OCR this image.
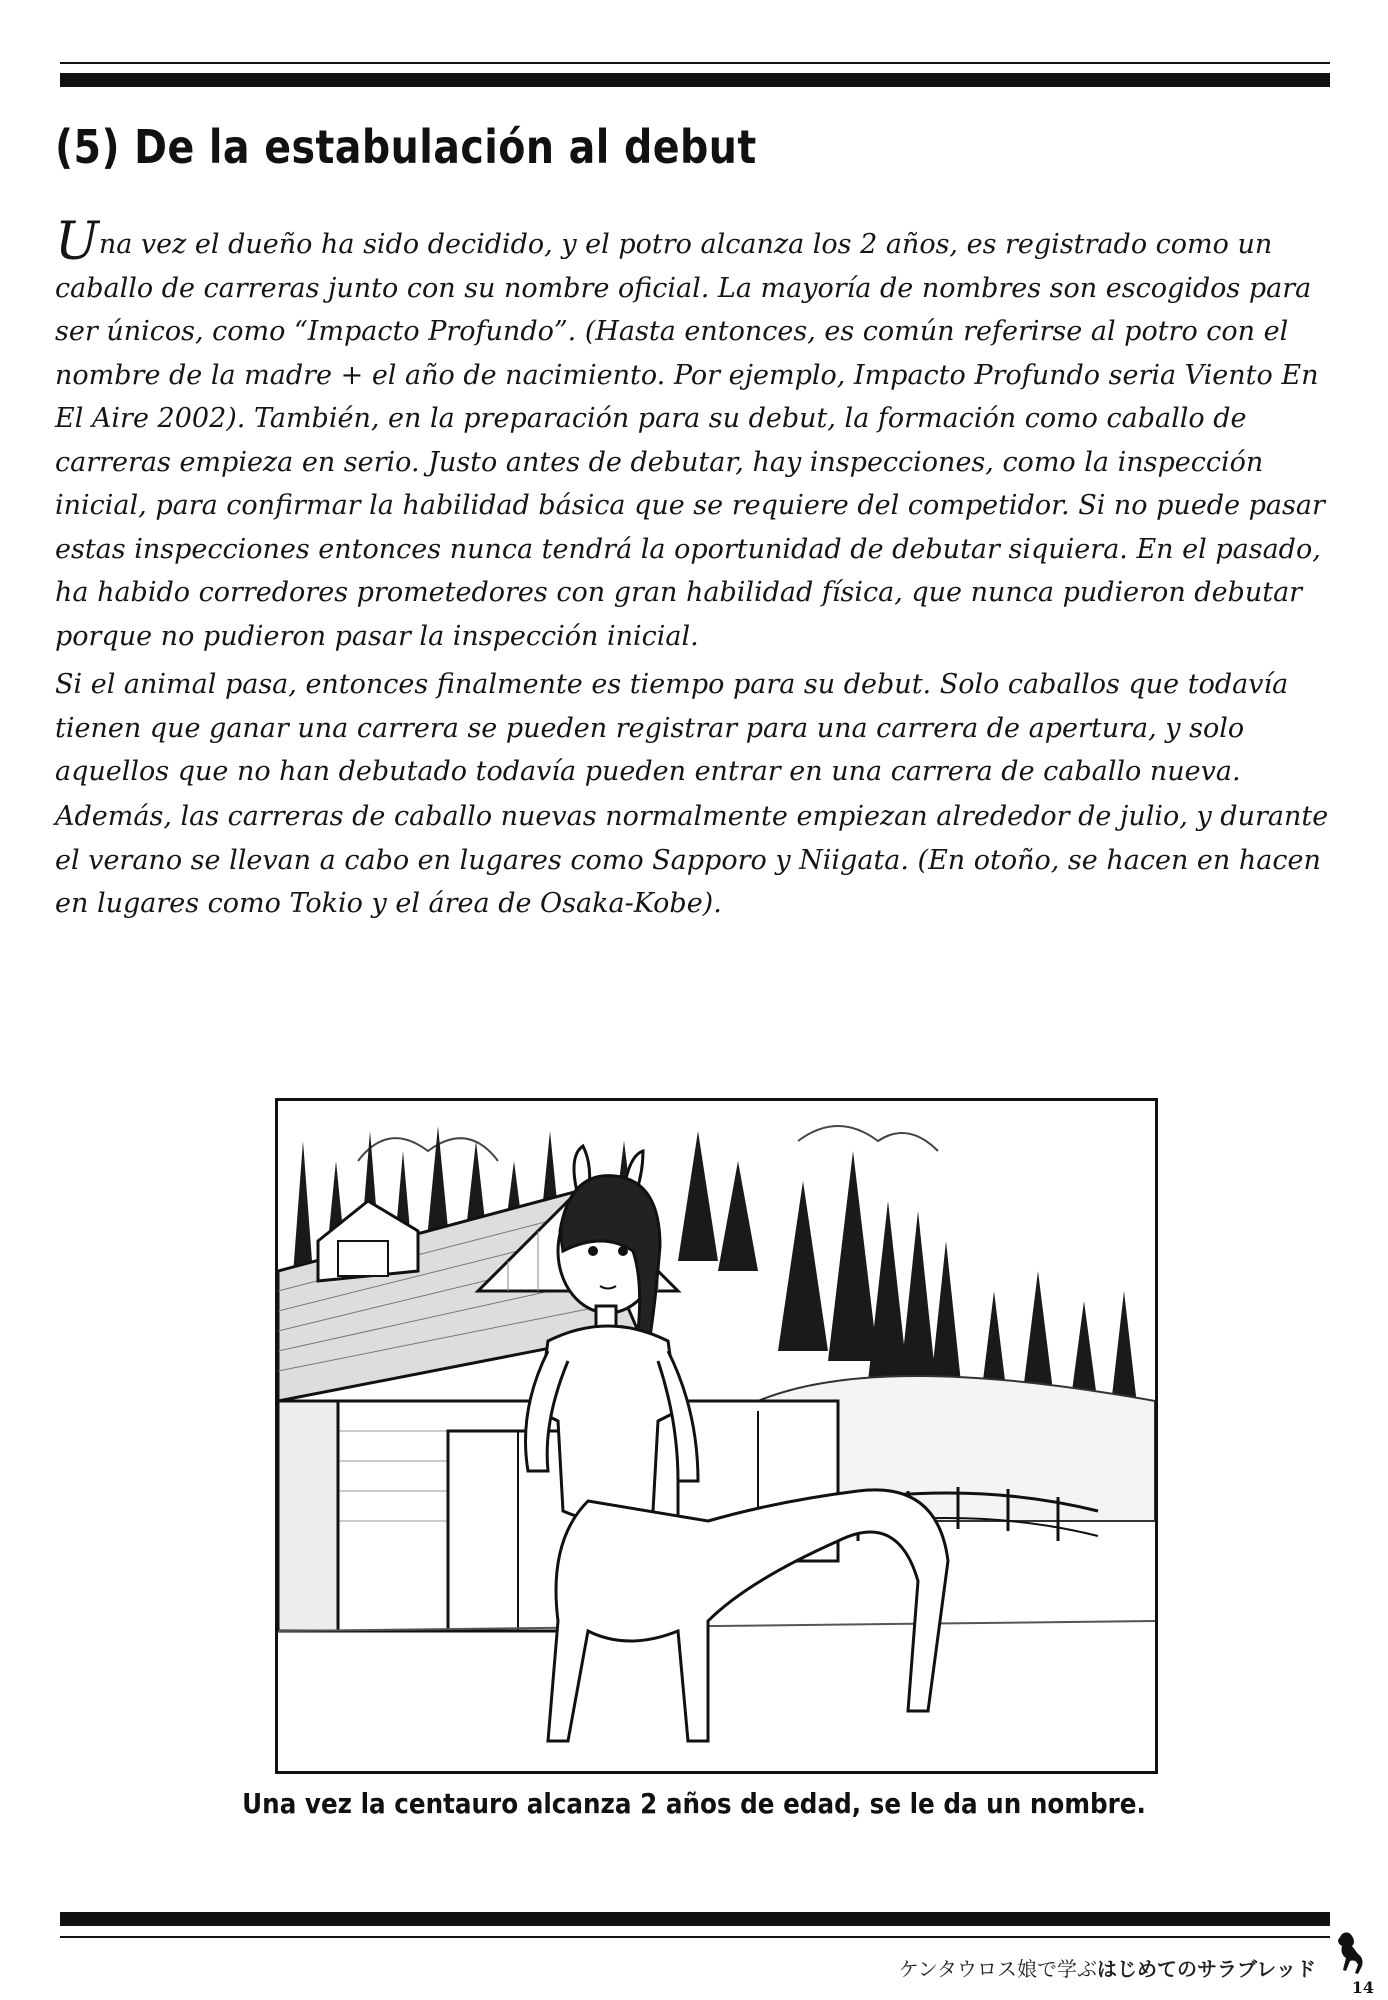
(5) De la estabulación al debut

Una vez el dueño ha sido decidido, y el potro alcanza los 2 años, es registrado como un caballo de carreras junto con su nombre oficial. La mayoría de nombres son escogidos para ser únicos, como “Impacto Profundo”. (Hasta entonces, es común referirse al potro con el nombre de la madre + el año de nacimiento. Por ejemplo, Impacto Profundo seria Viento En El Aire 2002). También, en la preparación para su debut, la formación como caballo de carreras empieza en serio. Justo antes de debutar, hay inspecciones, como la inspección inicial, para confirmar la habilidad básica que se requiere del competidor. Si no puede pasar estas inspecciones entonces nunca tendrá la oportunidad de debutar siquiera. En el pasado, ha habido corredores prometedores con gran habilidad física, que nunca pudieron debutar porque no pudieron pasar la inspección inicial.

Si el animal pasa, entonces finalmente es tiempo para su debut. Solo caballos que todavía tienen que ganar una carrera se pueden registrar para una carrera de apertura, y solo aquellos que no han debutado todavía pueden entrar en una carrera de caballo nueva.

Además, las carreras de caballo nuevas normalmente empiezan alrededor de julio, y durante el verano se llevan a cabo en lugares como Sapporo y Niigata. (En otoño, se hacen en hacen en lugares como Tokio y el área de Osaka-Kobe).

Una vez la centauro alcanza 2 años de edad, se le da un nombre.
ケンタウロス娘で学ぶはじめてのサラブレッド
14
